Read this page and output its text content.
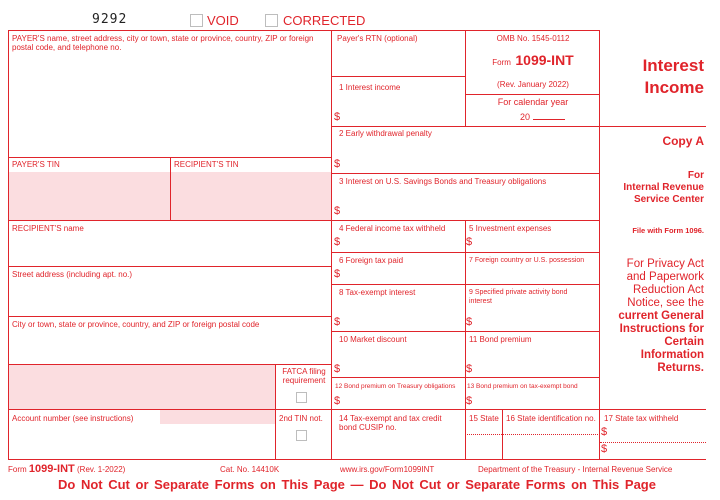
9292	VOID	CORRECTED
PAYER'S name, street address, city or town, state or province, country, ZIP or foreign postal code, and telephone no.
PAYER'S TIN	RECIPIENT'S TIN
RECIPIENT'S name
Street address (including apt. no.)
City or town, state or province, country, and ZIP or foreign postal code
FATCA filing requirement
Account number (see instructions)	2nd TIN not.
Payer's RTN (optional)	OMB No. 1545-0112
Form 1099-INT
(Rev. January 2022)
For calendar year
20
1 Interest income
$
2 Early withdrawal penalty
$
3 Interest on U.S. Savings Bonds and Treasury obligations
$
4 Federal income tax withheld
$
5 Investment expenses
$
6 Foreign tax paid
$
7 Foreign country or U.S. possession
8 Tax-exempt interest
$
9 Specified private activity bond interest
$
10 Market discount
$
11 Bond premium
$
12 Bond premium on Treasury obligations
$
13 Bond premium on tax-exempt bond
$
14 Tax-exempt and tax credit bond CUSIP no.
15 State 16 State identification no. 17 State tax withheld
$
$
Interest
Income
Copy A
For
Internal Revenue
Service Center
File with Form 1096.
For Privacy Act
and Paperwork
Reduction Act
Notice, see the
current General
Instructions for
Certain
Information
Returns.
Form 1099-INT (Rev. 1-2022)	Cat. No. 14410K	www.irs.gov/Form1099INT	Department of the Treasury - Internal Revenue Service
Do Not Cut or Separate Forms on This Page — Do Not Cut or Separate Forms on This Page
